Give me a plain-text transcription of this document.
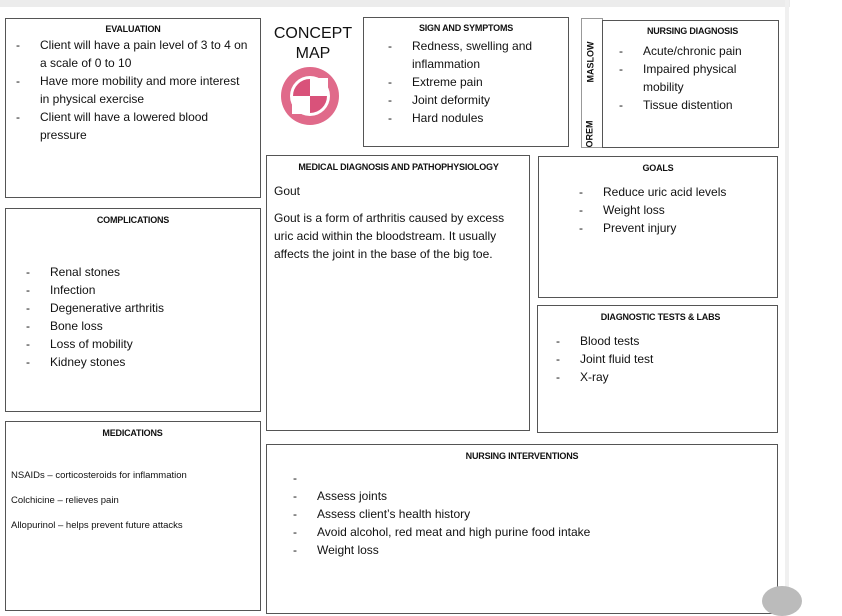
EVALUATION
- Client will have a pain level of 3 to 4 on a scale of 0 to 10
- Have more mobility and more interest in physical exercise
- Client will have a lowered blood pressure
CONCEPT
MAP
SIGN AND SYMPTOMS
- Redness, swelling and inflammation
- Extreme pain
- Joint deformity
- Hard nodules
MASLOW
OREM
NURSING DIAGNOSIS
- Acute/chronic pain
- Impaired physical mobility
- Tissue distention
COMPLICATIONS
- Renal stones
- Infection
- Degenerative arthritis
- Bone loss
- Loss of mobility
- Kidney stones
MEDICAL DIAGNOSIS AND PATHOPHYSIOLOGY

Gout

Gout is a form of arthritis caused by excess uric acid within the bloodstream. It usually affects the joint in the base of the big toe.

GOALS
- Reduce uric acid levels
- Weight loss
- Prevent injury
DIAGNOSTIC TESTS & LABS
- Blood tests
- Joint fluid test
- X-ray
MEDICATIONS

NSAIDs – corticosteroids for inflammation

Colchicine – relieves pain

Allopurinol – helps prevent future attacks

NURSING INTERVENTIONS
-
- Assess joints
- Assess client’s health history
- Avoid alcohol, red meat and high purine food intake
- Weight loss
